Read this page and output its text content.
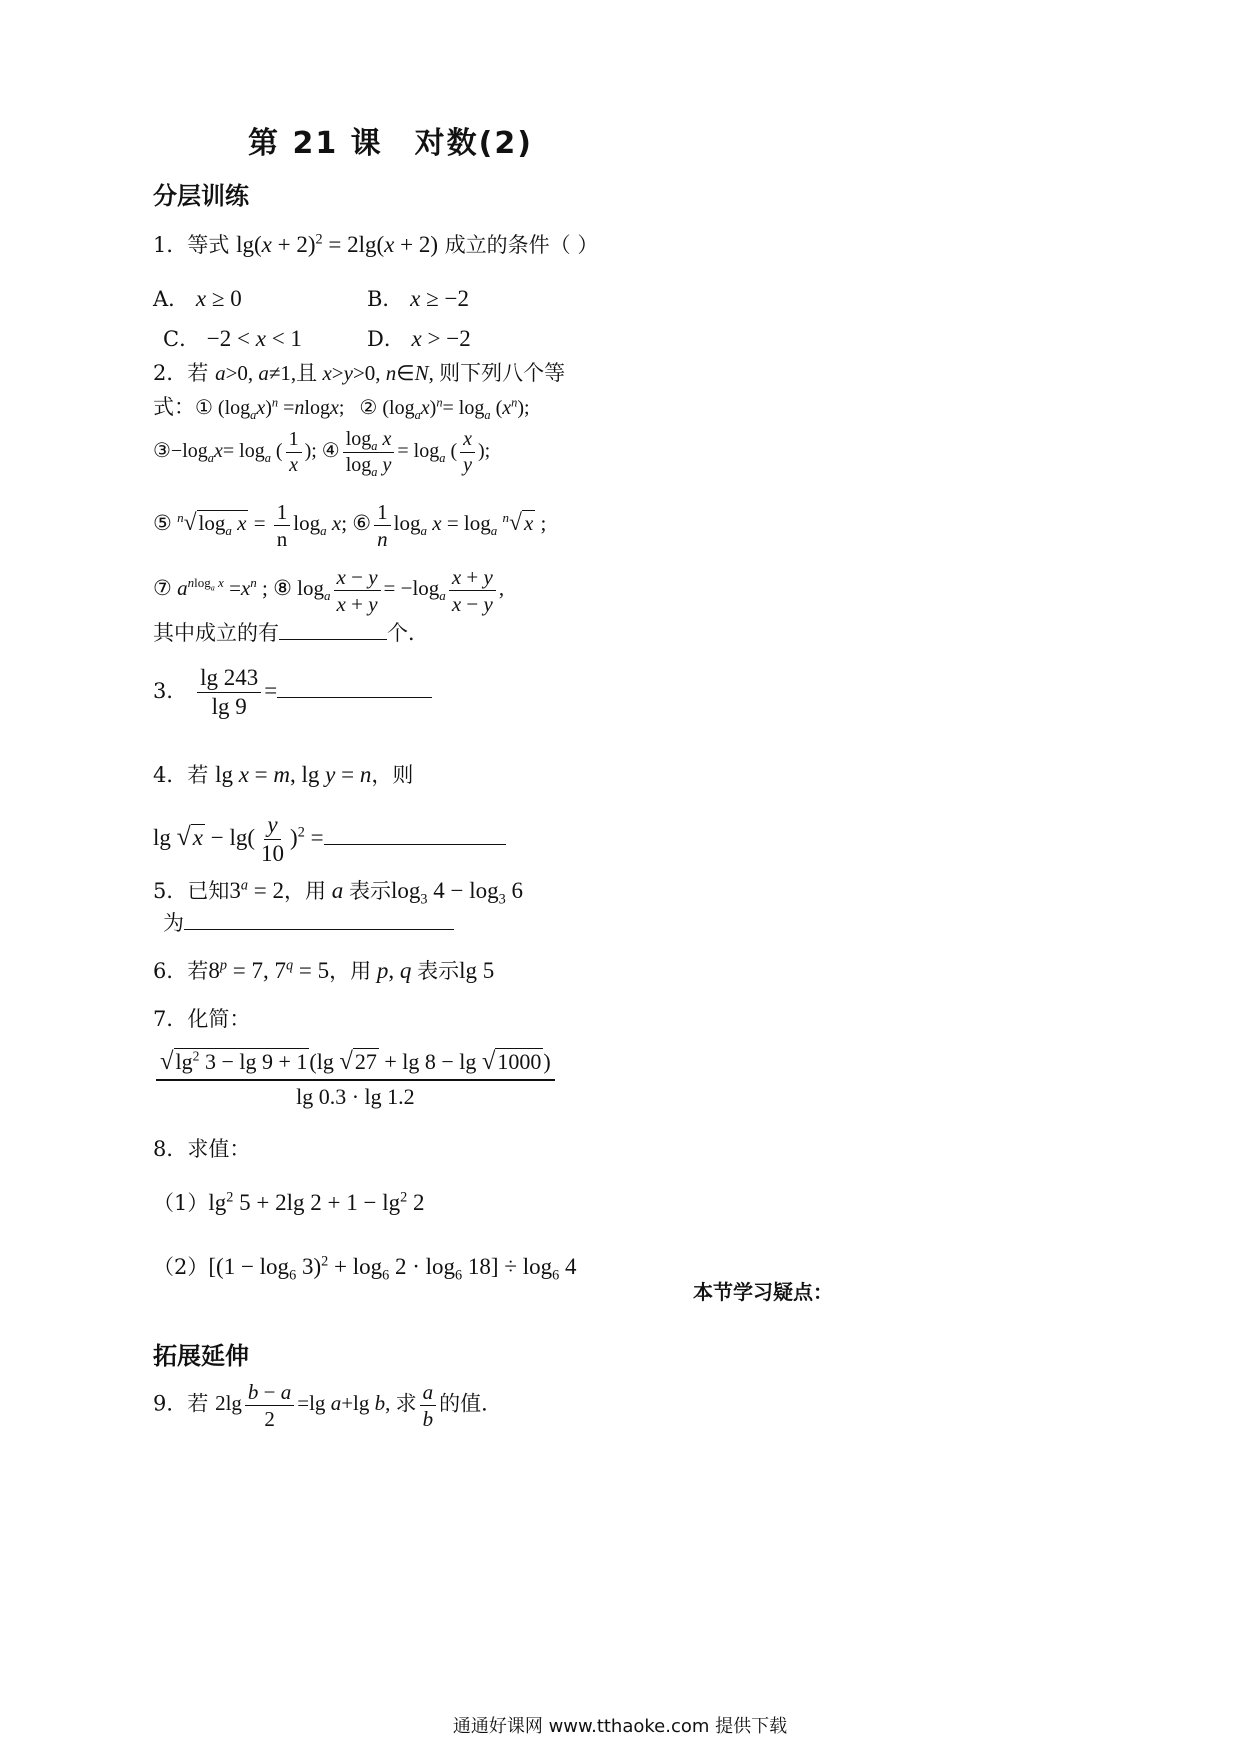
第 21 课　对数(2)
分层训练
1．等式 $\lg(x + 2)^2 = 2\lg(x + 2)$ 成立的条件（ ）
A． x ≥ 0	B． x ≥ −2
C． −2 < x < 1	D． x > −2
2．若 a>0, a≠1,且 x>y>0, n∈N, 则下列八个等
式：① $(\log_ax)^n =nlogx$;   ② $(\log_ax)^n= \log_a (x^n)$;
$③-\log_ax= \log_a$ ( $\frac{1}{x}$ ); ④ $\frac{\log_a x}{\log_a y} = \log_a$ ( $\frac{x}{y}$ );
⑤ $^n√\log_a$ $x = \frac{1}{n} \log_a x$; ⑥ $\frac{1}{n} \log_a x = \log_a ^n√x$ ;
⑦ $a^{nlog_a x} =x^n$ ; ⑧ $\log_a \frac{x - y}{x + y} = -\log_a \frac{x + y}{x - y}$ ,
其中成立的有	个．
3． $\frac{\lg 243}{\lg 9}$ =
4．若 lg x = m, lg y = n，则
$\lg √x - \lg( \frac{y}{10} )^2$ =
5．已知$3^a = 2$，用 a 表示$\log_3 4 - \log_3 6$
为
6．若$8^p = 7$, $7^q = 5$，用 p, q 表示lg 5
7．化简：
$\frac{√\lg^2 3 - \lg 9 + 1(\lg √27 + \lg 8 - \lg √1000)}{\lg 0.3 \cdot \lg 1.2}$
8．求值：
$(1)\lg^2$ 5 + 2lg $2 + 1 - \lg^2 2$
$(2)[(1 - \log_6 3)^2 + \log_6 2 \cdot \log_6 18] \div \log_6 4$
本节学习疑点：
拓展延伸
9．若 $2\lg \frac{b - a}{2} =\lg$ a+lg b, 求 $\frac{a}{b}$ 的值．
通通好课网 www.tthaoke.com 提供下载
